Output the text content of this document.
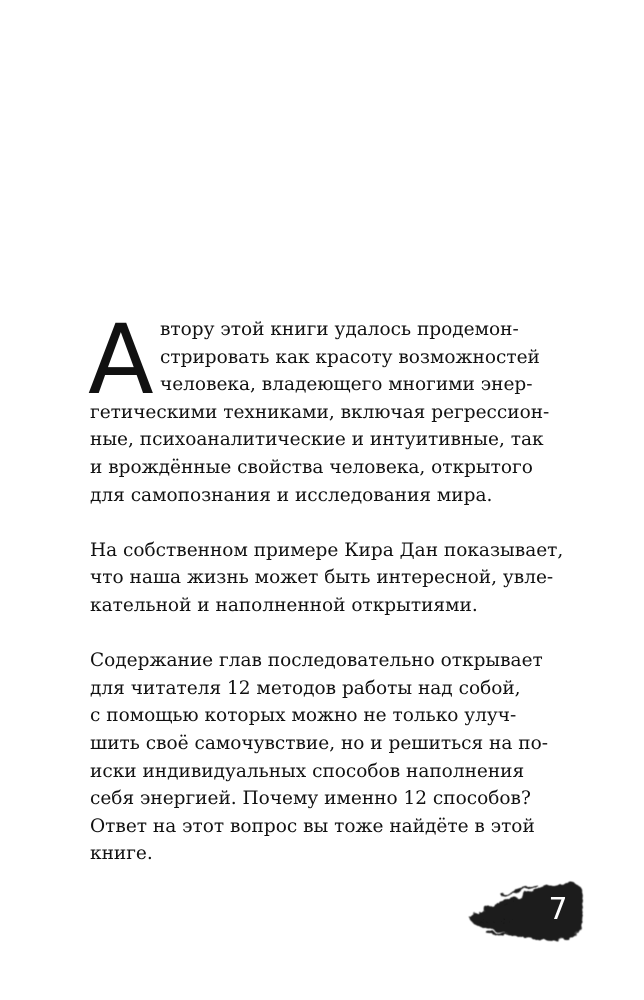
А втору этой книги удалось продемон-
стрировать как красоту возможностей
человека, владеющего многими энер-
гетическими техниками, включая регрессион-
ные, психоаналитические и интуитивные, так
и врождённые свойства человека, открытого
для самопознания и исследования мира.
На собственном примере Кира Дан показывает,
что наша жизнь может быть интересной, увле-
кательной и наполненной открытиями.
Содержание глав последовательно открывает
для читателя 12 методов работы над собой,
с помощью которых можно не только улуч-
шить своё самочувствие, но и решиться на по-
иски индивидуальных способов наполнения
себя энергией. Почему именно 12 способов?
Ответ на этот вопрос вы тоже найдёте в этой
книге.
7
